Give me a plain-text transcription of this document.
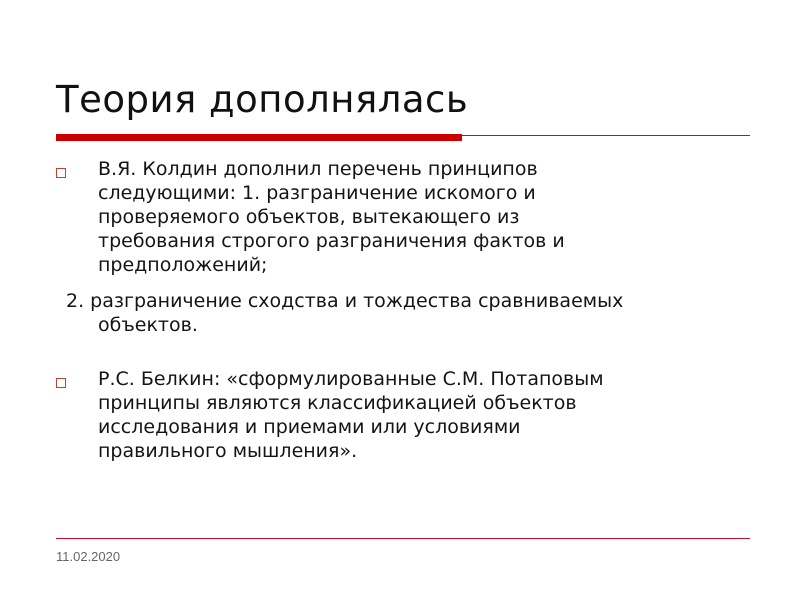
Теория дополнялась
В.Я. Колдин дополнил перечень принципов
следующими: 1. разграничение искомого и
проверяемого объектов, вытекающего из
требования строгого разграничения фактов и
предположений;
2. разграничение сходства и тождества сравниваемых
объектов.
Р.С. Белкин: «сформулированные С.М. Потаповым
принципы являются классификацией объектов
исследования и приемами или условиями
правильного мышления».
11.02.2020
